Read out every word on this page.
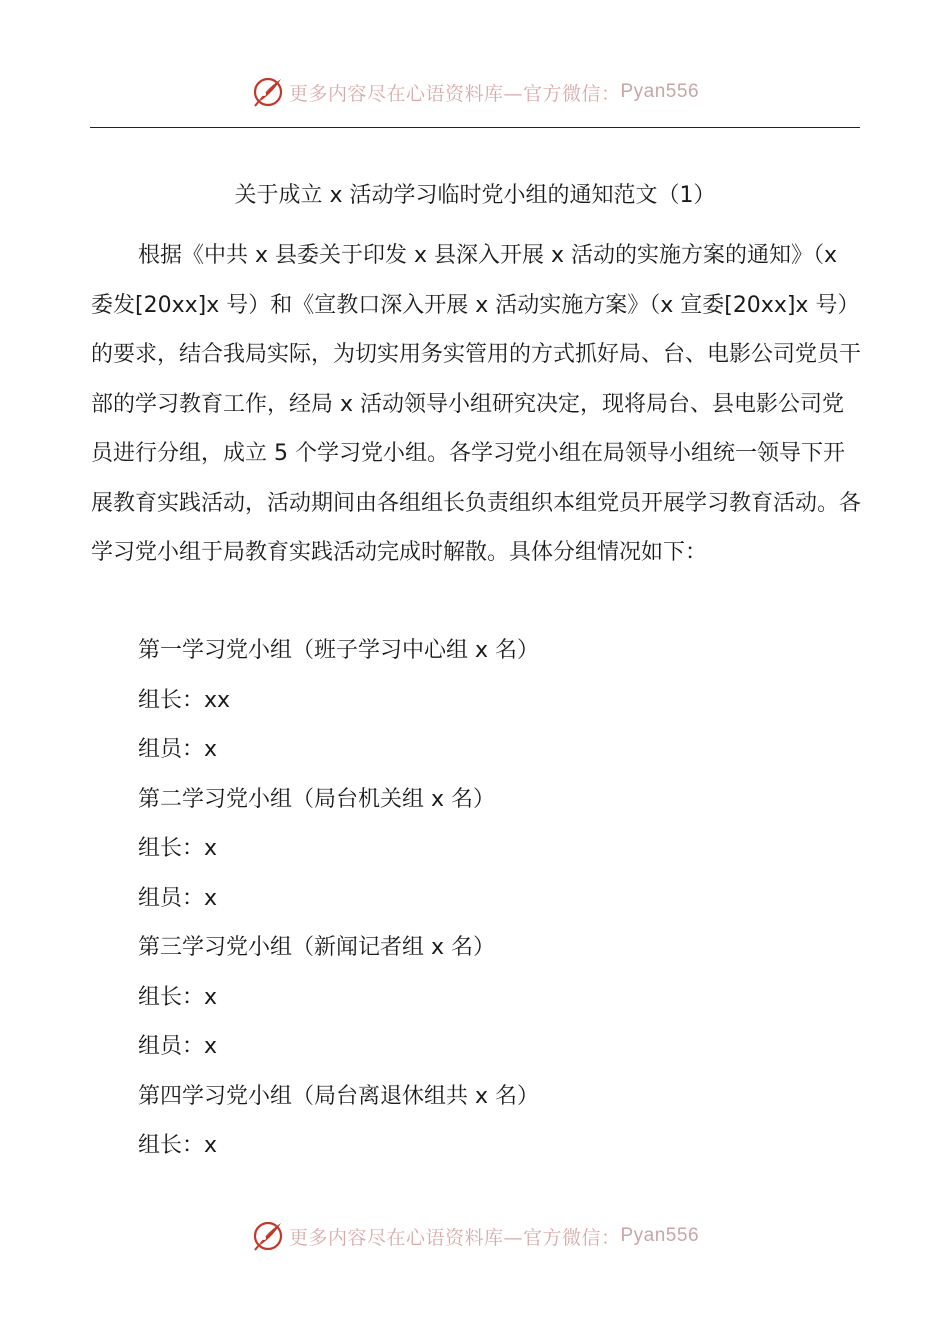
更多内容尽在心语资料库—官方微信： Pyan556
关于成立 x 活动学习临时党小组的通知范文（1）

根据《中共 x 县委关于印发 x 县深入开展 x 活动的实施方案的通知》（x 委发[20xx]x 号）和《宣教口深入开展 x 活动实施方案》（x 宣委[20xx]x 号）的要求，结合我局实际，为切实用务实管用的方式抓好局、台、电影公司党员干部的学习教育工作，经局 x 活动领导小组研究决定，现将局台、县电影公司党员进行分组，成立 5 个学习党小组。各学习党小组在局领导小组统一领导下开展教育实践活动，活动期间由各组组长负责组织本组党员开展学习教育活动。各学习党小组于局教育实践活动完成时解散。具体分组情况如下：

第一学习党小组（班子学习中心组 x 名）
组长：xx
组员：x
第二学习党小组（局台机关组 x 名）
组长：x
组员：x
第三学习党小组（新闻记者组 x 名）
组长：x
组员：x
第四学习党小组（局台离退休组共 x 名）
组长：x
更多内容尽在心语资料库—官方微信： Pyan556
